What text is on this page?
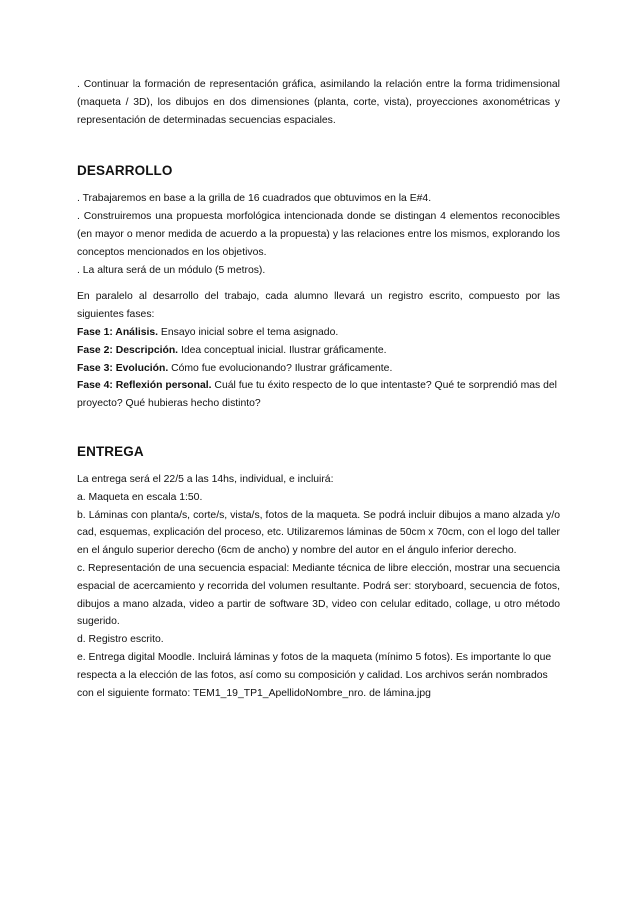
. Continuar la formación de representación gráfica, asimilando la relación entre la forma tridimensional (maqueta / 3D), los dibujos en dos dimensiones (planta, corte, vista), proyecciones axonométricas y representación de determinadas secuencias espaciales.

DESARROLLO

. Trabajaremos en base a la grilla de 16 cuadrados que obtuvimos en la E#4.

. Construiremos una propuesta morfológica intencionada donde se distingan 4 elementos reconocibles (en mayor o menor medida de acuerdo a la propuesta) y las relaciones entre los mismos, explorando los conceptos mencionados en los objetivos.

. La altura será de un módulo (5 metros).

En paralelo al desarrollo del trabajo, cada alumno llevará un registro escrito, compuesto por las siguientes fases:

Fase 1: Análisis. Ensayo inicial sobre el tema asignado.

Fase 2: Descripción. Idea conceptual inicial. Ilustrar gráficamente.

Fase 3: Evolución. Cómo fue evolucionando? Ilustrar gráficamente.

Fase 4: Reflexión personal. Cuál fue tu éxito respecto de lo que intentaste? Qué te sorprendió mas del proyecto? Qué hubieras hecho distinto?

ENTREGA

La entrega será el 22/5 a las 14hs, individual, e incluirá:

a. Maqueta en escala 1:50.

b. Láminas con planta/s, corte/s, vista/s, fotos de la maqueta. Se podrá incluir dibujos a mano alzada y/o cad, esquemas, explicación del proceso, etc. Utilizaremos láminas de 50cm x 70cm, con el logo del taller en el ángulo superior derecho (6cm de ancho) y nombre del autor en el ángulo inferior derecho.

c. Representación de una secuencia espacial: Mediante técnica de libre elección, mostrar una secuencia espacial de acercamiento y recorrida del volumen resultante. Podrá ser: storyboard, secuencia de fotos, dibujos a mano alzada, video a partir de software 3D, video con celular editado, collage, u otro método sugerido.

d. Registro escrito.

e. Entrega digital Moodle. Incluirá láminas y fotos de la maqueta (mínimo 5 fotos). Es importante lo que respecta a la elección de las fotos, así como su composición y calidad. Los archivos serán nombrados con el siguiente formato: TEM1_19_TP1_ApellidoNombre_nro. de lámina.jpg
